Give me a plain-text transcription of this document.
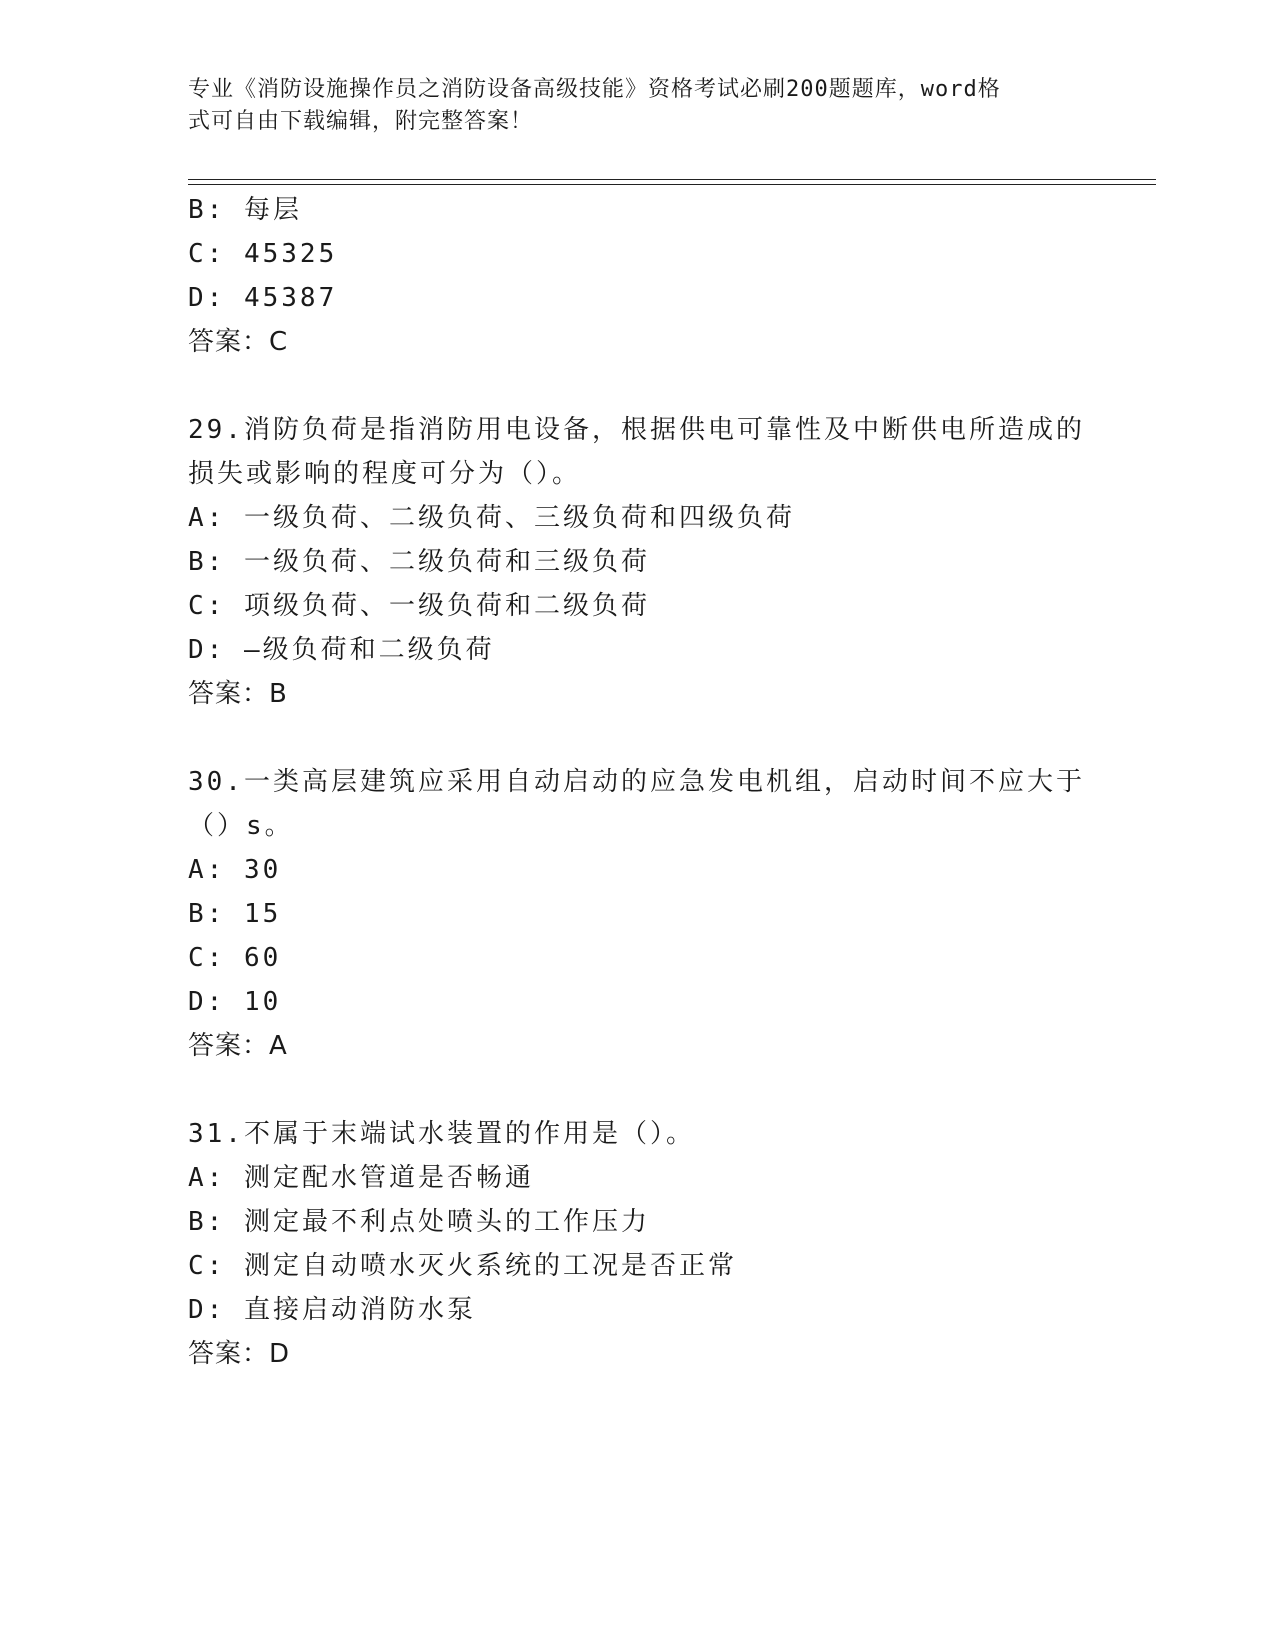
专业《消防设施操作员之消防设备高级技能》资格考试必刷200题题库，word格
式可自由下载编辑，附完整答案！
B: 每层
C: 45325
D: 45387
答案：C
29.消防负荷是指消防用电设备，根据供电可靠性及中断供电所造成的
损失或影响的程度可分为（）。
A: 一级负荷、二级负荷、三级负荷和四级负荷
B: 一级负荷、二级负荷和三级负荷
C: 项级负荷、一级负荷和二级负荷
D: —级负荷和二级负荷
答案：B
30.一类高层建筑应采用自动启动的应急发电机组，启动时间不应大于
（）s。
A: 30
B: 15
C: 60
D: 10
答案：A
31.不属于末端试水装置的作用是（）。
A: 测定配水管道是否畅通
B: 测定最不利点处喷头的工作压力
C: 测定自动喷水灭火系统的工况是否正常
D: 直接启动消防水泵
答案：D
